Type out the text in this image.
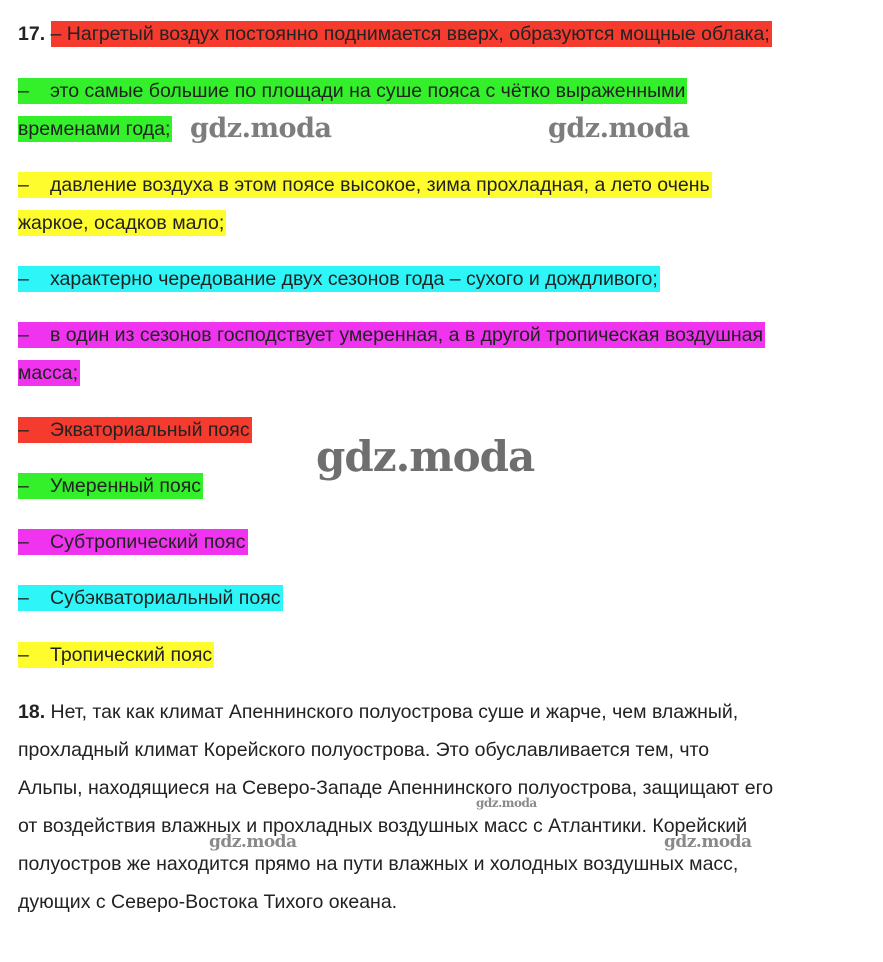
17. – Нагретый воздух постоянно поднимается вверх, образуются мощные облака;
– это самые большие по площади на суше пояса с чётко выраженными
временами года;
– давление воздуха в этом поясе высокое, зима прохладная, а лето очень
жаркое, осадков мало;
– характерно чередование двух сезонов года – сухого и дождливого;
– в один из сезонов господствует умеренная, а в другой тропическая воздушная
масса;
– Экваториальный пояс
– Умеренный пояс
– Субтропический пояс
– Субэкваториальный пояс
– Тропический пояс
18. Нет, так как климат Апеннинского полуострова суше и жарче, чем влажный,
прохладный климат Корейского полуострова. Это обуславливается тем, что
Альпы, находящиеся на Северо-Западе Апеннинского полуострова, защищают его
от воздействия влажных и прохладных воздушных масс с Атлантики. Корейский
полуостров же находится прямо на пути влажных и холодных воздушных масс,
дующих с Северо-Востока Тихого океана.
gdz.moda	gdz.moda
gdz.moda
gdz.moda
gdz.moda	gdz.moda
